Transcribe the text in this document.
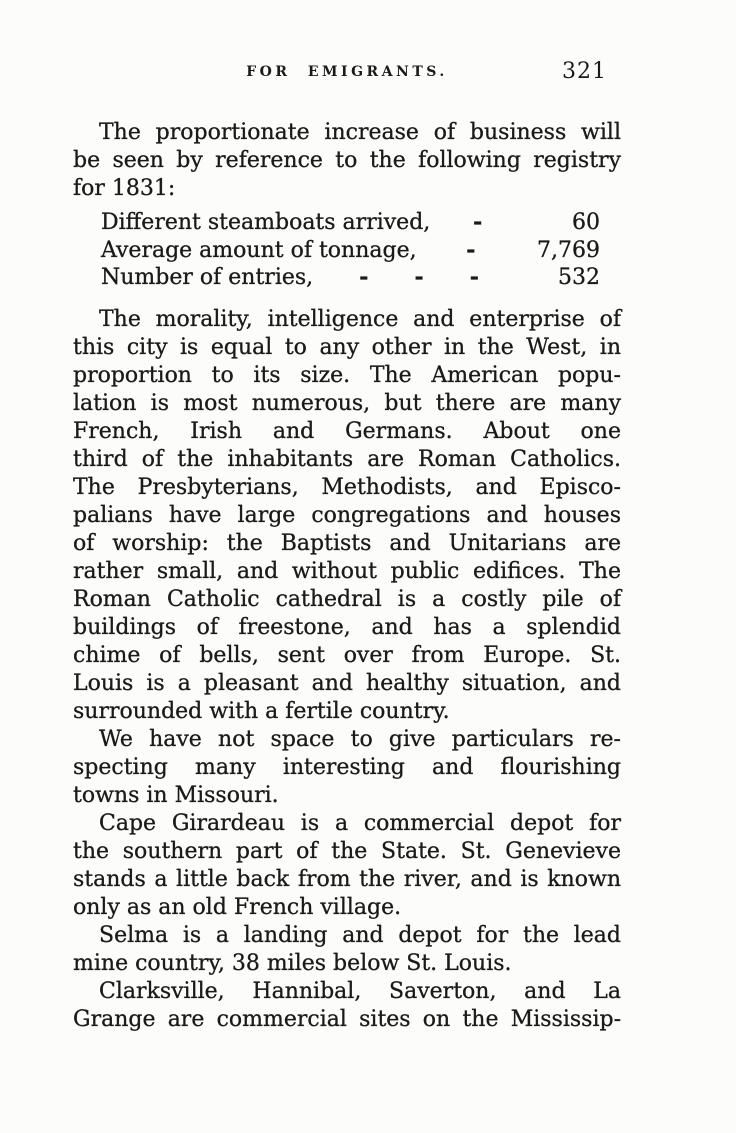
FOR EMIGRANTS.	321
The proportionate increase of business will
be seen by reference to the following registry
for 1831:
Different steamboats arrived, -	60
Average amount of tonnage, -	7,769
Number of entries, - - -	532
The morality, intelligence and enterprise of
this city is equal to any other in the West, in
proportion to its size. The American popu-
lation is most numerous, but there are many
French, Irish and Germans. About one
third of the inhabitants are Roman Catholics.
The Presbyterians, Methodists, and Episco-
palians have large congregations and houses
of worship: the Baptists and Unitarians are
rather small, and without public edifices. The
Roman Catholic cathedral is a costly pile of
buildings of freestone, and has a splendid
chime of bells, sent over from Europe. St.
Louis is a pleasant and healthy situation, and
surrounded with a fertile country.
We have not space to give particulars re-
specting many interesting and flourishing
towns in Missouri.
Cape Girardeau is a commercial depot for
the southern part of the State. St. Genevieve
stands a little back from the river, and is known
only as an old French village.
Selma is a landing and depot for the lead
mine country, 38 miles below St. Louis.
Clarksville, Hannibal, Saverton, and La
Grange are commercial sites on the Mississip-
